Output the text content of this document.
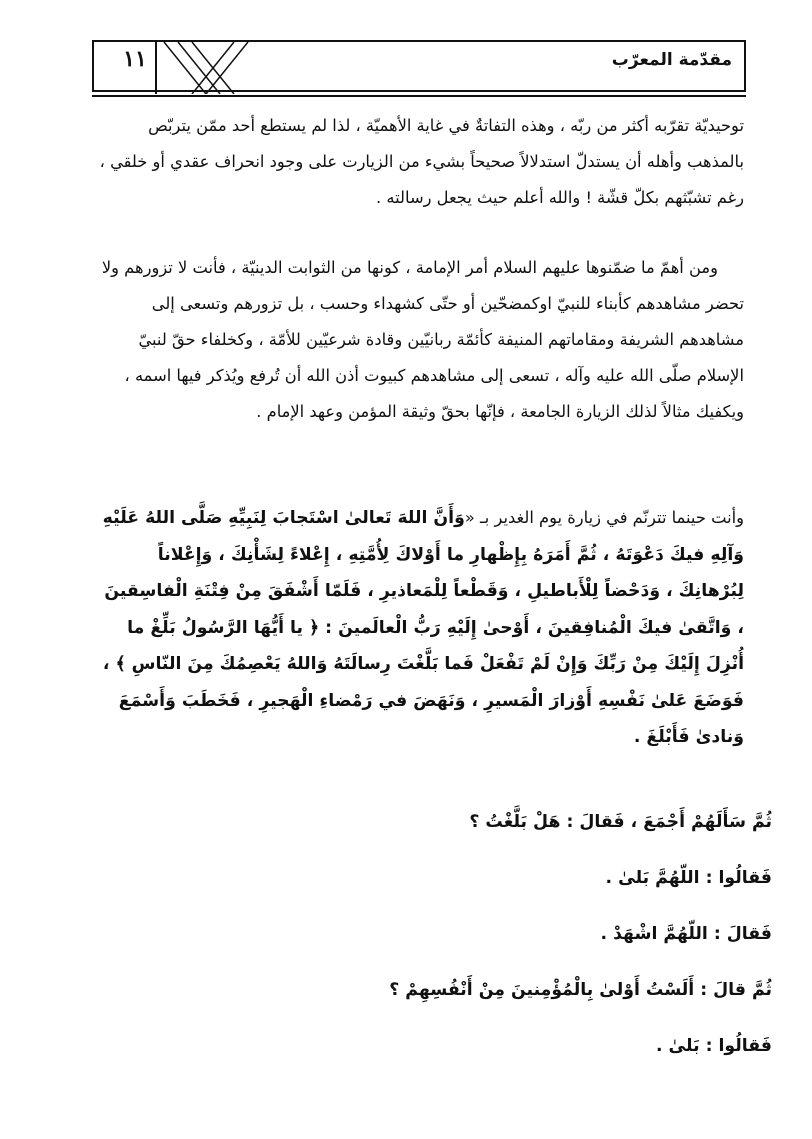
مقدّمة المعرّب
١١
توحيديّة تقرّبه أكثر من ربّه ، وهذه التفاتةٌ في غاية الأهميّة ، لذا لم يستطع أحد ممّن يتربّص بالمذهب وأهله أن يستدلّ استدلالاً صحيحاً بشيء من الزيارت على وجود انحراف عقدي أو خلقي ، رغم تشبّثهم بكلّ قشّة ! والله أعلم حيث يجعل رسالته .
ومن أهمّ ما ضمّنوها عليهم السلام أمر الإمامة ، كونها من الثوابت الدينيّة ، فأنت لا تزورهم ولا تحضر مشاهدهم كأبناء للنبيّ اوكمضحّين أو حتّى كشهداء وحسب ، بل تزورهم وتسعى إلى مشاهدهم الشريفة ومقاماتهم المنيفة كأئمّة ربانيّين وقادة شرعيّين للأمّة ، وكخلفاء حقّ لنبيّ الإسلام صلّى الله عليه وآله ، تسعى إلى مشاهدهم كبيوت أذن الله أن تُرفع ويُذكر فيها اسمه ، ويكفيك مثالاً لذلك الزيارة الجامعة ، فإنّها بحقّ وثيقة المؤمن وعهد الإمام .
وأنت حينما تترنّم في زيارة يوم الغدير بـ «وَأَنَّ اللهَ تَعالىٰ اسْتَجابَ لِنَبِيِّهِ صَلَّى اللهُ عَلَيْهِ وَآلِهِ فيكَ دَعْوَتَهُ ، ثُمَّ أَمَرَهُ بِإِظْهارِ ما أَوْلاكَ لِأُمَّتِهِ ، إِعْلاءً لِشَأْنِكَ ، وَإِعْلاناً لِبُرْهانِكَ ، وَدَحْضاً لِلْأَباطيلِ ، وَقَطْعاً لِلْمَعاذيرِ ، فَلَمّا أَشْفَقَ مِنْ فِتْنَةِ الْفاسِقينَ ، وَاتَّقىٰ فيكَ الْمُنافِقينَ ، أَوْحىٰ إِلَيْهِ رَبُّ الْعالَمينَ : ﴿ يا أَيُّهَا الرَّسُولُ بَلِّغْ ما أُنْزِلَ إِلَيْكَ مِنْ رَبِّكَ وَإِنْ لَمْ تَفْعَلْ فَما بَلَّغْتَ رِسالَتَهُ وَاللهُ يَعْصِمُكَ مِنَ النّاسِ ﴾ ، فَوَضَعَ عَلىٰ نَفْسِهِ أَوْزارَ الْمَسيرِ ، وَنَهَضَ في رَمْضاءِ الْهَجيرِ ، فَخَطَبَ وَأَسْمَعَ وَنادىٰ فَأَبْلَغَ .
ثُمَّ سَأَلَهُمْ أَجْمَعَ ، فَقالَ : هَلْ بَلَّغْتُ ؟
فَقالُوا : اللّهُمَّ بَلىٰ .
فَقالَ : اللّهُمَّ اشْهَدْ .
ثُمَّ قالَ : أَلَسْتُ أَوْلىٰ بِالْمُؤْمِنينَ مِنْ أَنْفُسِهِمْ ؟
فَقالُوا : بَلىٰ .
